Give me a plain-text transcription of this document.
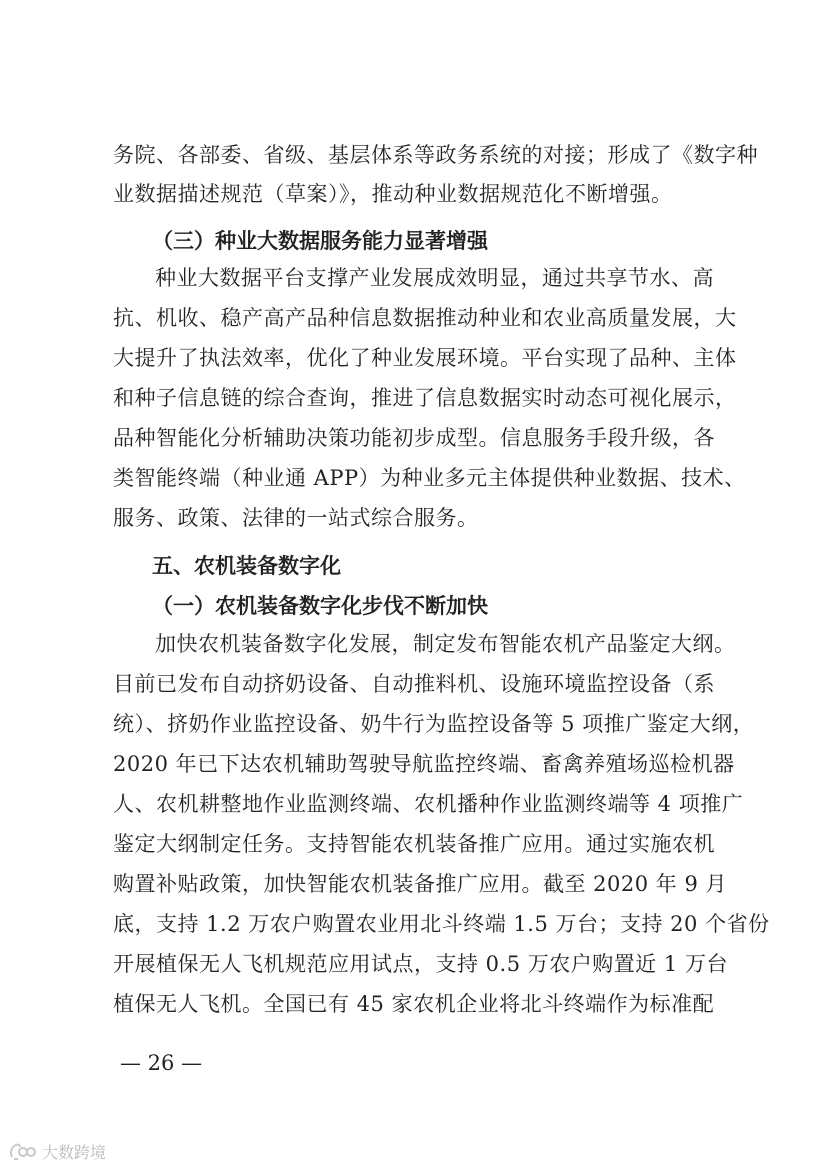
务院、各部委、省级、基层体系等政务系统的对接；形成了《数字种
业数据描述规范（草案）》，推动种业数据规范化不断增强。
（三）种业大数据服务能力显著增强
种业大数据平台支撑产业发展成效明显，通过共享节水、高
抗、机收、稳产高产品种信息数据推动种业和农业高质量发展，大
大提升了执法效率，优化了种业发展环境。平台实现了品种、主体
和种子信息链的综合查询，推进了信息数据实时动态可视化展示，
品种智能化分析辅助决策功能初步成型。信息服务手段升级，各
类智能终端（种业通 APP）为种业多元主体提供种业数据、技术、
服务、政策、法律的一站式综合服务。
五、农机装备数字化
（一）农机装备数字化步伐不断加快
加快农机装备数字化发展，制定发布智能农机产品鉴定大纲。
目前已发布自动挤奶设备、自动推料机、设施环境监控设备（系
统）、挤奶作业监控设备、奶牛行为监控设备等 5 项推广鉴定大纲，
2020 年已下达农机辅助驾驶导航监控终端、畜禽养殖场巡检机器
人、农机耕整地作业监测终端、农机播种作业监测终端等 4 项推广
鉴定大纲制定任务。支持智能农机装备推广应用。通过实施农机
购置补贴政策，加快智能农机装备推广应用。截至 2020 年 9 月
底，支持 1.2 万农户购置农业用北斗终端 1.5 万台；支持 20 个省份
开展植保无人飞机规范应用试点，支持 0.5 万农户购置近 1 万台
植保无人飞机。全国已有 45 家农机企业将北斗终端作为标准配
— 26 —
大数跨境
